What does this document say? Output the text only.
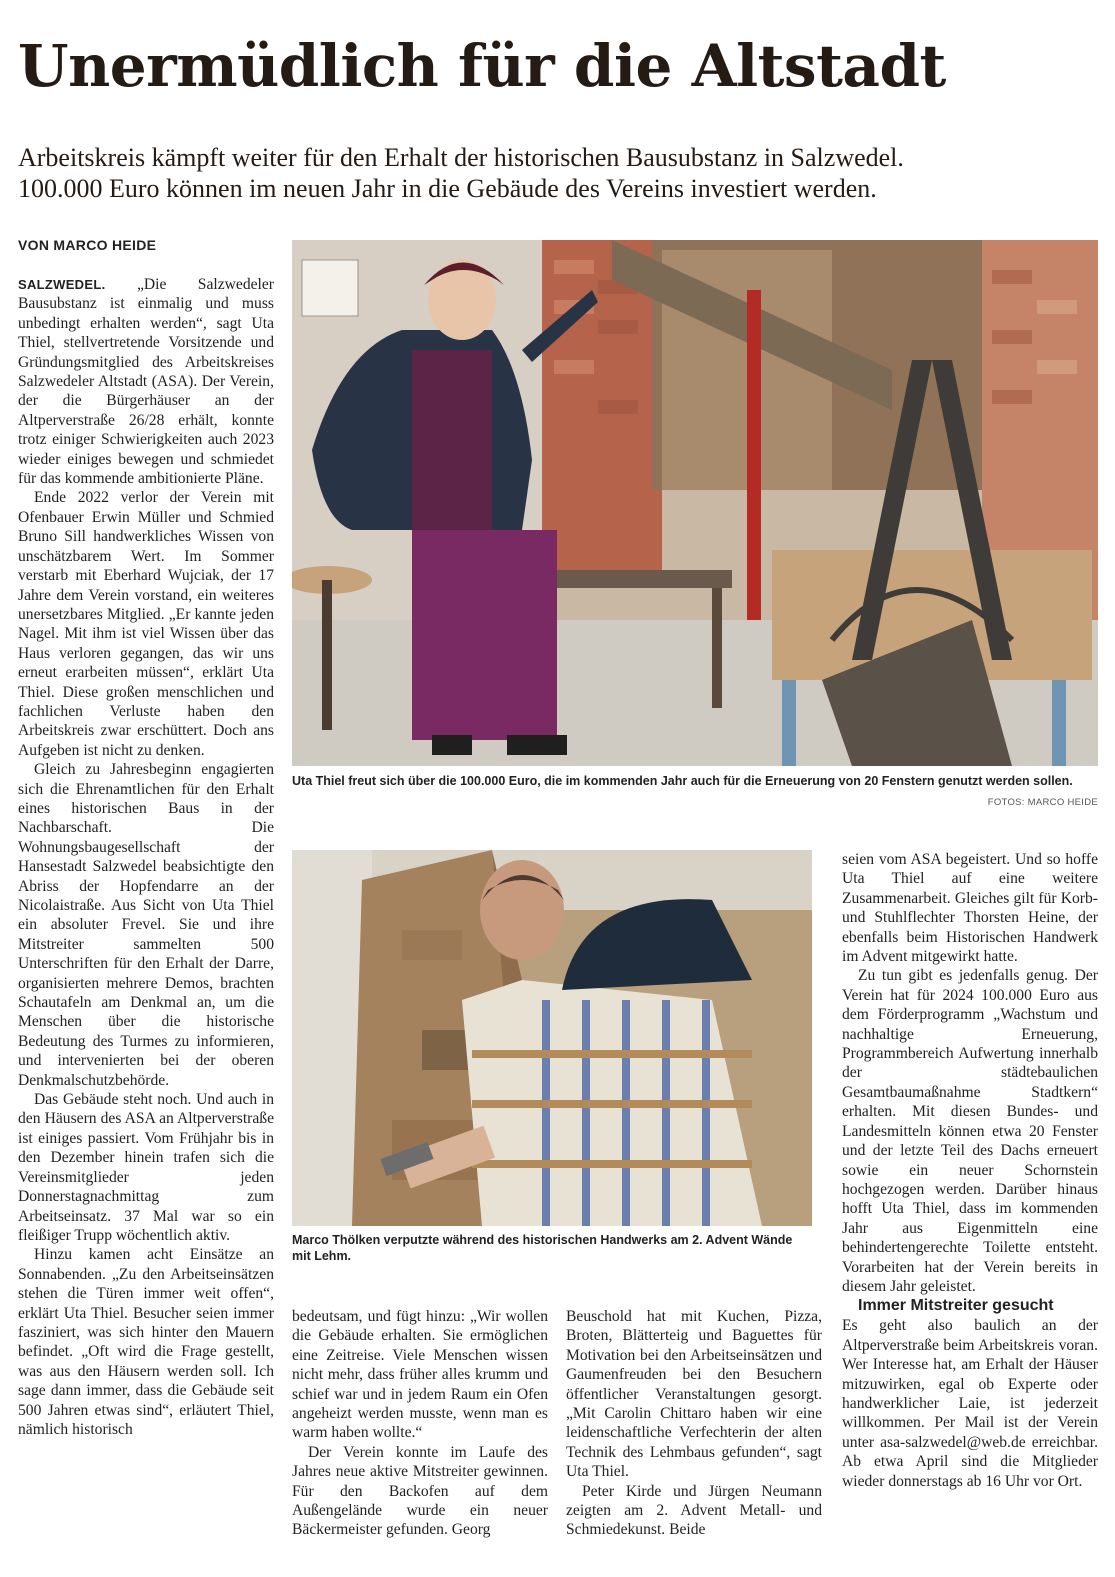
Unermüdlich für die Altstadt

Arbeitskreis kämpft weiter für den Erhalt der historischen Bausubstanz in Salzwedel.

100.000 Euro können im neuen Jahr in die Gebäude des Vereins investiert werden.

VON MARCO HEIDE

SALZWEDEL. „Die Salzwedeler Bausubstanz ist einmalig und muss unbedingt erhalten werden“, sagt Uta Thiel, stellvertretende Vorsitzende und Gründungsmitglied des Arbeitskreises Salzwedeler Altstadt (ASA). Der Verein, der die Bürgerhäuser an der Altperverstraße 26/28 erhält, konnte trotz einiger Schwierigkeiten auch 2023 wieder einiges bewegen und schmiedet für das kommende ambitionierte Pläne.

Ende 2022 verlor der Verein mit Ofenbauer Erwin Müller und Schmied Bruno Sill handwerkliches Wissen von unschätzbarem Wert. Im Sommer verstarb mit Eberhard Wujciak, der 17 Jahre dem Verein vorstand, ein weiteres unersetzbares Mitglied. „Er kannte jeden Nagel. Mit ihm ist viel Wissen über das Haus verloren gegangen, das wir uns erneut erarbeiten müssen“, erklärt Uta Thiel. Diese großen menschlichen und fachlichen Verluste haben den Arbeitskreis zwar erschüttert. Doch ans Aufgeben ist nicht zu denken.

Gleich zu Jahresbeginn engagierten sich die Ehrenamtlichen für den Erhalt eines historischen Baus in der Nachbarschaft. Die Wohnungsbaugesellschaft der Hansestadt Salzwedel beabsichtigte den Abriss der Hopfendarre an der Nicolaistraße. Aus Sicht von Uta Thiel ein absoluter Frevel. Sie und ihre Mitstreiter sammelten 500 Unterschriften für den Erhalt der Darre, organisierten mehrere Demos, brachten Schautafeln am Denkmal an, um die Menschen über die historische Bedeutung des Turmes zu informieren, und intervenierten bei der oberen Denkmalschutzbehörde.

Das Gebäude steht noch. Und auch in den Häusern des ASA an Altperverstraße ist einiges passiert. Vom Frühjahr bis in den Dezember hinein trafen sich die Vereinsmitglieder jeden Donnerstagnachmittag zum Arbeitseinsatz. 37 Mal war so ein fleißiger Trupp wöchentlich aktiv.

Hinzu kamen acht Einsätze an Sonnabenden. „Zu den Arbeitseinsätzen stehen die Türen immer weit offen“, erklärt Uta Thiel. Besucher seien immer fasziniert, was sich hinter den Mauern befindet. „Oft wird die Frage gestellt, was aus den Häusern werden soll. Ich sage dann immer, dass die Gebäude seit 500 Jahren etwas sind“, erläutert Thiel, nämlich historisch

Uta Thiel freut sich über die 100.000 Euro, die im kommenden Jahr auch für die Erneuerung von 20 Fenstern genutzt werden sollen.

FOTOS: MARCO HEIDE

Marco Thölken verputzte während des historischen Handwerks am 2. Advent Wände mit Lehm.

bedeutsam, und fügt hinzu: „Wir wollen die Gebäude erhalten. Sie ermöglichen eine Zeitreise. Viele Menschen wissen nicht mehr, dass früher alles krumm und schief war und in jedem Raum ein Ofen angeheizt werden musste, wenn man es warm haben wollte.“

Der Verein konnte im Laufe des Jahres neue aktive Mitstreiter gewinnen. Für den Backofen auf dem Außengelände wurde ein neuer Bäckermeister gefunden. Georg

Beuschold hat mit Kuchen, Pizza, Broten, Blätterteig und Baguettes für Motivation bei den Arbeitseinsätzen und Gaumenfreuden bei den Besuchern öffentlicher Veranstaltungen gesorgt. „Mit Carolin Chittaro haben wir eine leidenschaftliche Verfechterin der alten Technik des Lehmbaus gefunden“, sagt Uta Thiel.

Peter Kirde und Jürgen Neumann zeigten am 2. Advent Metall- und Schmiedekunst. Beide

seien vom ASA begeistert. Und so hoffe Uta Thiel auf eine weitere Zusammenarbeit. Gleiches gilt für Korb- und Stuhlflechter Thorsten Heine, der ebenfalls beim Historischen Handwerk im Advent mitgewirkt hatte.

Zu tun gibt es jedenfalls genug. Der Verein hat für 2024 100.000 Euro aus dem Förderprogramm „Wachstum und nachhaltige Erneuerung, Programmbereich Aufwertung innerhalb der städtebaulichen Gesamtbaumaßnahme Stadtkern“ erhalten. Mit diesen Bundes- und Landesmitteln können etwa 20 Fenster und der letzte Teil des Dachs erneuert sowie ein neuer Schornstein hochgezogen werden. Darüber hinaus hofft Uta Thiel, dass im kommenden Jahr aus Eigenmitteln eine behindertengerechte Toilette entsteht. Vorarbeiten hat der Verein bereits in diesem Jahr geleistet.

Immer Mitstreiter gesucht

Es geht also baulich an der Altperverstraße beim Arbeitskreis voran. Wer Interesse hat, am Erhalt der Häuser mitzuwirken, egal ob Experte oder handwerklicher Laie, ist jederzeit willkommen. Per Mail ist der Verein unter asa-salzwedel@web.de erreichbar. Ab etwa April sind die Mitglieder wieder donnerstags ab 16 Uhr vor Ort.
